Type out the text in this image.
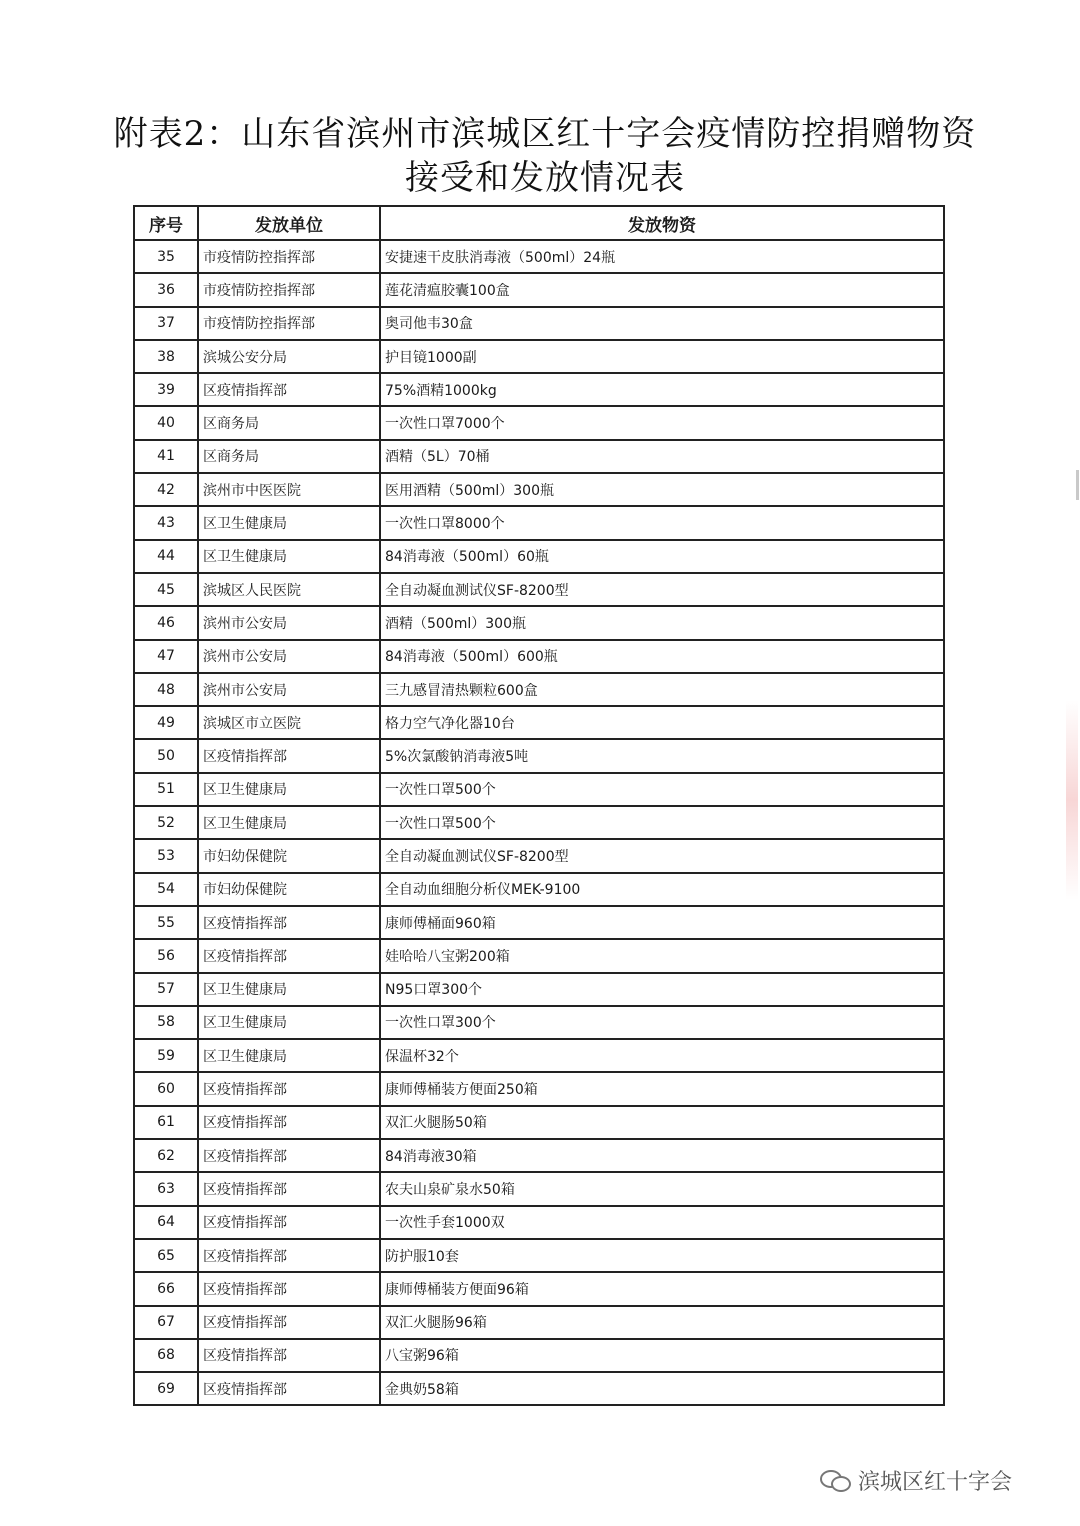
附表2：山东省滨州市滨城区红十字会疫情防控捐赠物资
接受和发放情况表
序号	发放单位	发放物资
35	市疫情防控指挥部	安捷速干皮肤消毒液（500ml）24瓶
36	市疫情防控指挥部	莲花清瘟胶囊100盒
37	市疫情防控指挥部	奥司他韦30盒
38	滨城公安分局	护目镜1000副
39	区疫情指挥部	75%酒精1000kg
40	区商务局	一次性口罩7000个
41	区商务局	酒精（5L）70桶
42	滨州市中医医院	医用酒精（500ml）300瓶
43	区卫生健康局	一次性口罩8000个
44	区卫生健康局	84消毒液（500ml）60瓶
45	滨城区人民医院	全自动凝血测试仪SF-8200型
46	滨州市公安局	酒精（500ml）300瓶
47	滨州市公安局	84消毒液（500ml）600瓶
48	滨州市公安局	三九感冒清热颗粒600盒
49	滨城区市立医院	格力空气净化器10台
50	区疫情指挥部	5%次氯酸钠消毒液5吨
51	区卫生健康局	一次性口罩500个
52	区卫生健康局	一次性口罩500个
53	市妇幼保健院	全自动凝血测试仪SF-8200型
54	市妇幼保健院	全自动血细胞分析仪MEK-9100
55	区疫情指挥部	康师傅桶面960箱
56	区疫情指挥部	娃哈哈八宝粥200箱
57	区卫生健康局	N95口罩300个
58	区卫生健康局	一次性口罩300个
59	区卫生健康局	保温杯32个
60	区疫情指挥部	康师傅桶装方便面250箱
61	区疫情指挥部	双汇火腿肠50箱
62	区疫情指挥部	84消毒液30箱
63	区疫情指挥部	农夫山泉矿泉水50箱
64	区疫情指挥部	一次性手套1000双
65	区疫情指挥部	防护服10套
66	区疫情指挥部	康师傅桶装方便面96箱
67	区疫情指挥部	双汇火腿肠96箱
68	区疫情指挥部	八宝粥96箱
69	区疫情指挥部	金典奶58箱
滨城区红十字会
